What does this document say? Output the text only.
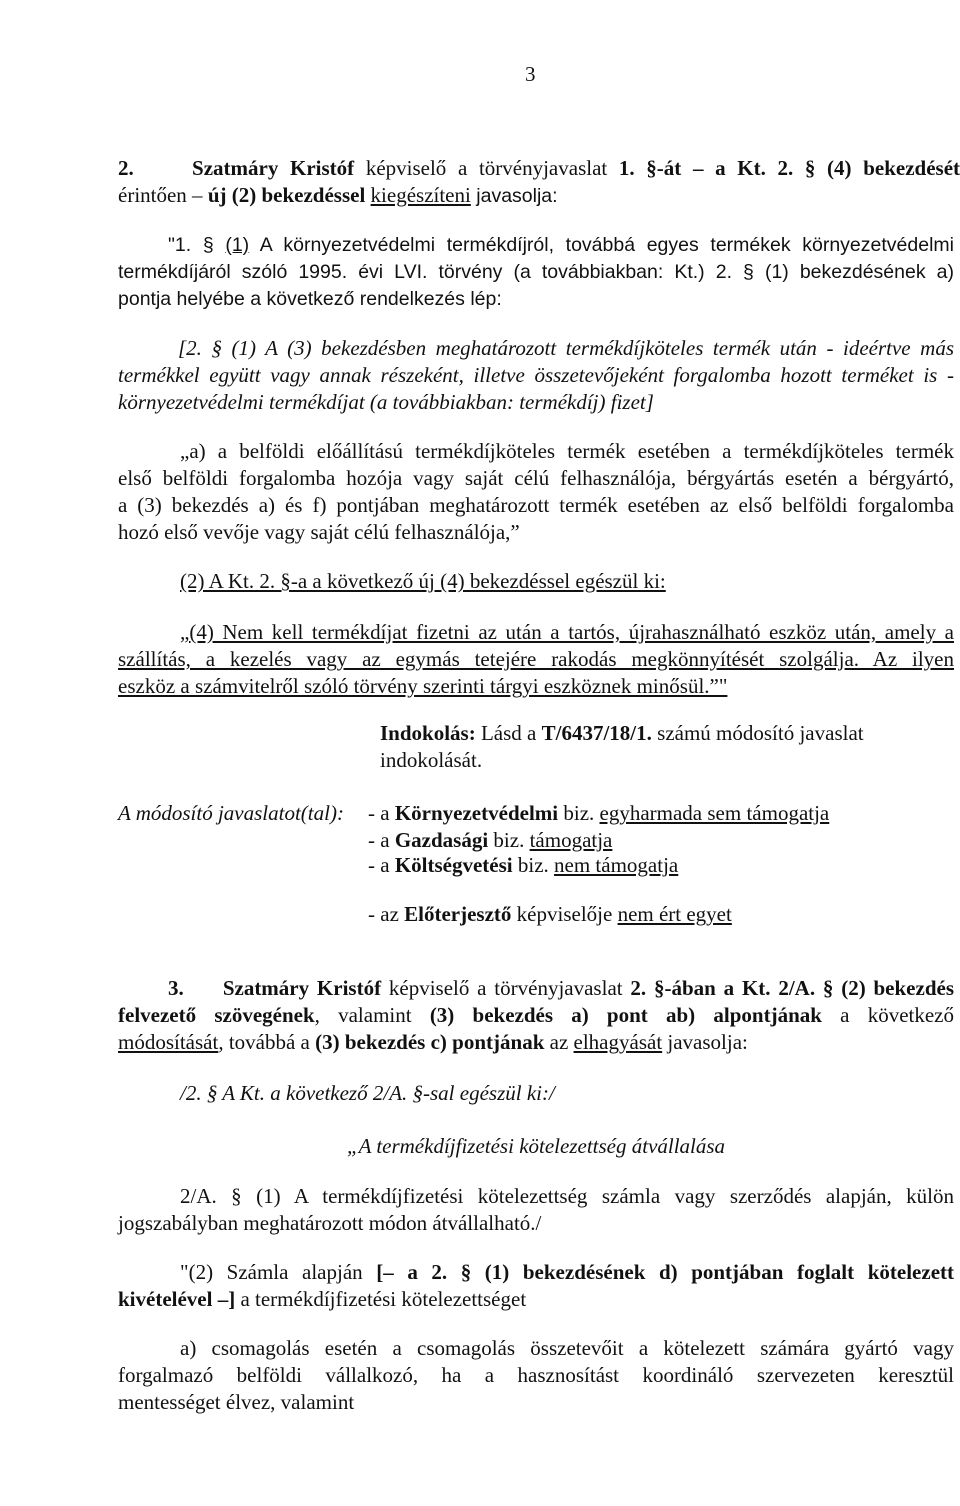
3
2.	Szatmáry Kristóf képviselő a törvényjavaslat 1. §-át – a Kt. 2. § (4) bekezdését
érintően – új (2) bekezdéssel kiegészíteni javasolja:
"1. § (1) A környezetvédelmi termékdíjról, továbbá egyes termékek környezetvédelmi
termékdíjáról szóló 1995. évi LVI. törvény (a továbbiakban: Kt.) 2. § (1) bekezdésének a)
pontja helyébe a következő rendelkezés lép:
[2. § (1) A (3) bekezdésben meghatározott termékdíjköteles termék után - ideértve más
termékkel együtt vagy annak részeként, illetve összetevőjeként forgalomba hozott terméket is -
környezetvédelmi termékdíjat (a továbbiakban: termékdíj) fizet]
„a) a belföldi előállítású termékdíjköteles termék esetében a termékdíjköteles termék
első belföldi forgalomba hozója vagy saját célú felhasználója, bérgyártás esetén a bérgyártó,
a (3) bekezdés a) és f) pontjában meghatározott termék esetében az első belföldi forgalomba
hozó első vevője vagy saját célú felhasználója,”
(2) A Kt. 2. §-a a következő új (4) bekezdéssel egészül ki:
„(4) Nem kell termékdíjat fizetni az után a tartós, újrahasználható eszköz után, amely a
szállítás, a kezelés vagy az egymás tetejére rakodás megkönnyítését szolgálja. Az ilyen
eszköz a számvitelről szóló törvény szerinti tárgyi eszköznek minősül.”"
Indokolás: Lásd a T/6437/18/1. számú módosító javaslat
indokolását.
A módosító javaslatot(tal):	- a Környezetvédelmi biz. egyharmada sem támogatja
- a Gazdasági biz. támogatja
- a Költségvetési biz. nem támogatja
- az Előterjesztő képviselője nem ért egyet
3. Szatmáry Kristóf képviselő a törvényjavaslat 2. §-ában a Kt. 2/A. § (2) bekezdés
felvezető szövegének, valamint (3) bekezdés a) pont ab) alpontjának a következő
módosítását, továbbá a (3) bekezdés c) pontjának az elhagyását javasolja:
/2. § A Kt. a következő 2/A. §-sal egészül ki:/
„A termékdíjfizetési kötelezettség átvállalása
2/A. § (1) A termékdíjfizetési kötelezettség számla vagy szerződés alapján, külön
jogszabályban meghatározott módon átvállalható./
"(2) Számla alapján [– a 2. § (1) bekezdésének d) pontjában foglalt kötelezett
kivételével –] a termékdíjfizetési kötelezettséget
a) csomagolás esetén a csomagolás összetevőit a kötelezett számára gyártó vagy
forgalmazó belföldi vállalkozó, ha a hasznosítást koordináló szervezeten keresztül
mentességet élvez, valamint
